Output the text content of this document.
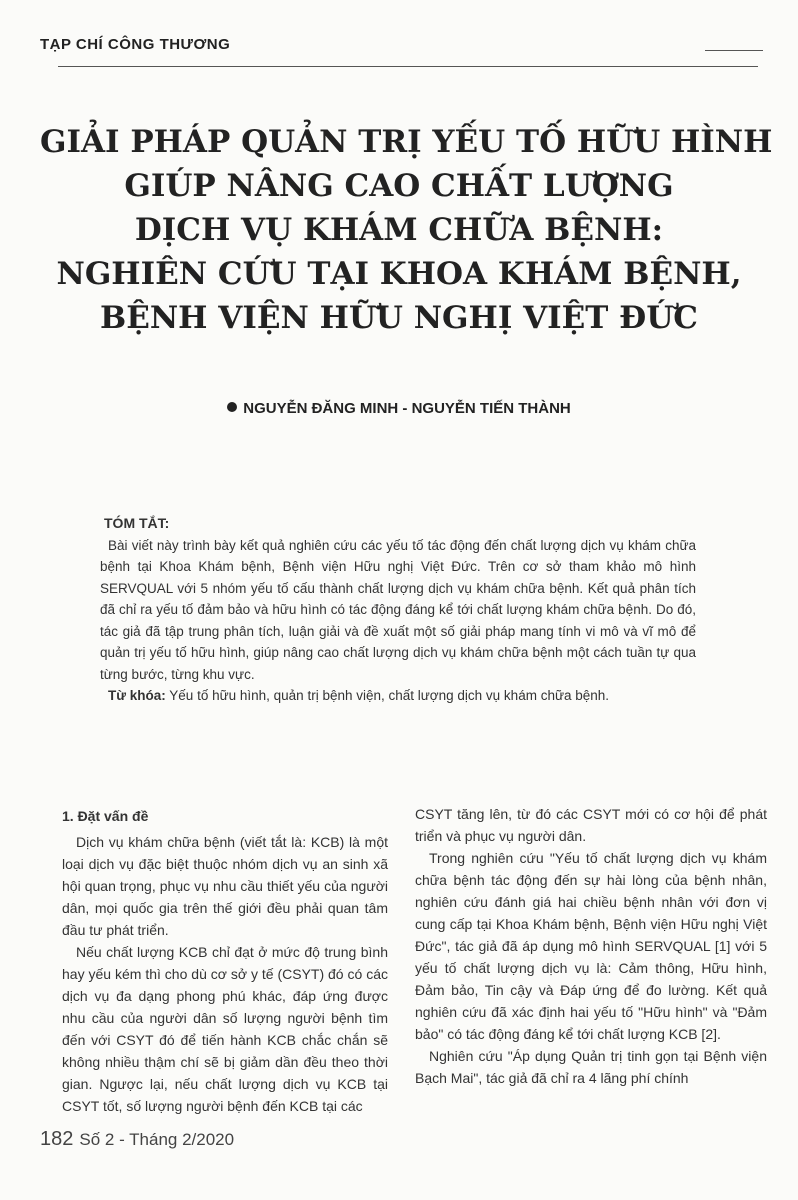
TẠP CHÍ CÔNG THƯƠNG
GIẢI PHÁP QUẢN TRỊ YẾU TỐ HỮU HÌNH
GIÚP NÂNG CAO CHẤT LƯỢNG
DỊCH VỤ KHÁM CHỮA BỆNH:
NGHIÊN CỨU TẠI KHOA KHÁM BỆNH,
BỆNH VIỆN HỮU NGHỊ VIỆT ĐỨC
NGUYỄN ĐĂNG MINH - NGUYỄN TIẾN THÀNH
TÓM TẮT:

Bài viết này trình bày kết quả nghiên cứu các yếu tố tác động đến chất lượng dịch vụ khám chữa bệnh tại Khoa Khám bệnh, Bệnh viện Hữu nghị Việt Đức. Trên cơ sở tham khảo mô hình SERVQUAL với 5 nhóm yếu tố cấu thành chất lượng dịch vụ khám chữa bệnh. Kết quả phân tích đã chỉ ra yếu tố đảm bảo và hữu hình có tác động đáng kể tới chất lượng khám chữa bệnh. Do đó, tác giả đã tập trung phân tích, luận giải và đề xuất một số giải pháp mang tính vi mô và vĩ mô để quản trị yếu tố hữu hình, giúp nâng cao chất lượng dịch vụ khám chữa bệnh một cách tuần tự qua từng bước, từng khu vực.

Từ khóa: Yếu tố hữu hình, quản trị bệnh viện, chất lượng dịch vụ khám chữa bệnh.

1. Đặt vấn đề

Dịch vụ khám chữa bệnh (viết tắt là: KCB) là một loại dịch vụ đặc biệt thuộc nhóm dịch vụ an sinh xã hội quan trọng, phục vụ nhu cầu thiết yếu của người dân, mọi quốc gia trên thế giới đều phải quan tâm đầu tư phát triển.

Nếu chất lượng KCB chỉ đạt ở mức độ trung bình hay yếu kém thì cho dù cơ sở y tế (CSYT) đó có các dịch vụ đa dạng phong phú khác, đáp ứng được nhu cầu của người dân số lượng người bệnh tìm đến với CSYT đó để tiến hành KCB chắc chắn sẽ không nhiều thậm chí sẽ bị giảm dần đều theo thời gian. Ngược lại, nếu chất lượng dịch vụ KCB tại CSYT tốt, số lượng người bệnh đến KCB tại các

CSYT tăng lên, từ đó các CSYT mới có cơ hội để phát triển và phục vụ người dân.

Trong nghiên cứu "Yếu tố chất lượng dịch vụ khám chữa bệnh tác động đến sự hài lòng của bệnh nhân, nghiên cứu đánh giá hai chiều bệnh nhân với đơn vị cung cấp tại Khoa Khám bệnh, Bệnh viện Hữu nghị Việt Đức", tác giả đã áp dụng mô hình SERVQUAL [1] với 5 yếu tố chất lượng dịch vụ là: Cảm thông, Hữu hình, Đảm bảo, Tin cậy và Đáp ứng để đo lường. Kết quả nghiên cứu đã xác định hai yếu tố "Hữu hình" và "Đảm bảo" có tác động đáng kể tới chất lượng KCB [2].

Nghiên cứu "Áp dụng Quản trị tinh gọn tại Bệnh viện Bạch Mai", tác giả đã chỉ ra 4 lãng phí chính

182 Số 2 - Tháng 2/2020
